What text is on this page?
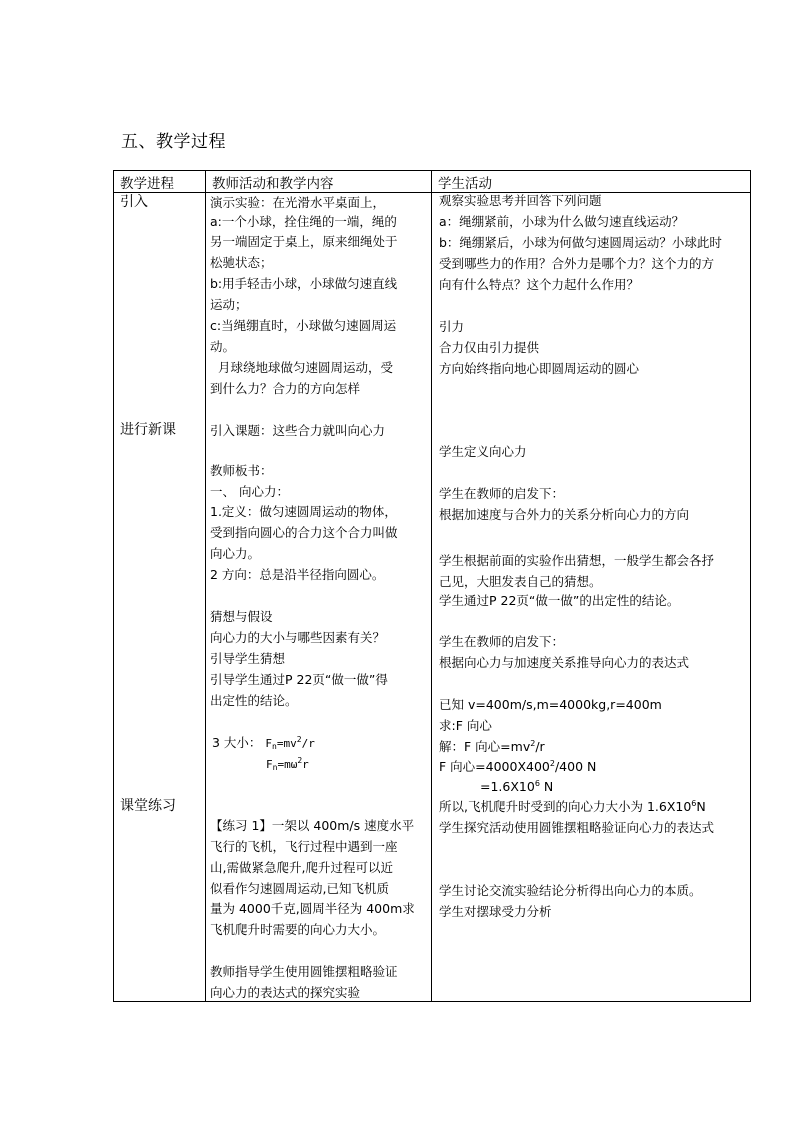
五、教学过程
教学进程	教师活动和教学内容	学生活动
引入
进行新课
课堂练习
演示实验：在光滑水平桌面上，
a:一个小球，拴住绳的一端，绳的
另一端固定于桌上，原来细绳处于
松驰状态；
b:用手轻击小球，小球做匀速直线
运动；
c:当绳绷直时，小球做匀速圆周运
动。
月球绕地球做匀速圆周运动，受
到什么力？合力的方向怎样
引入课题：这些合力就叫向心力
教师板书：
一、 向心力：
1.定义：做匀速圆周运动的物体，
受到指向圆心的合力这个合力叫做
向心力。
2 方向：总是沿半径指向圆心。
猜想与假设
向心力的大小与哪些因素有关？
引导学生猜想
引导学生通过P 22页“做一做”得
出定性的结论。
3 大小： $F_n=mv^2/r$
$F_n=m\omega^2r$
【练习 1】一架以 400m/s 速度水平
飞行的飞机，飞行过程中遇到一座
山,需做紧急爬升,爬升过程可以近
似看作匀速圆周运动,已知飞机质
量为 4000千克,圆周半径为 400m求
飞机爬升时需要的向心力大小。
教师指导学生使用圆锥摆粗略验证
向心力的表达式的探究实验
观察实验思考并回答下列问题
a：绳绷紧前，小球为什么做匀速直线运动？
b：绳绷紧后，小球为何做匀速圆周运动？小球此时
受到哪些力的作用？合外力是哪个力？这个力的方
向有什么特点？这个力起什么作用？
引力
合力仅由引力提供
方向始终指向地心即圆周运动的圆心
学生定义向心力
学生在教师的启发下：
根据加速度与合外力的关系分析向心力的方向
学生根据前面的实验作出猜想，一般学生都会各抒
己见，大胆发表自己的猜想。
学生通过P 22页“做一做”的出定性的结论。
学生在教师的启发下：
根据向心力与加速度关系推导向心力的表达式
已知 v=400m/s,m=4000kg,r=400m
求:F 向心
解：F 向心$=mv^2/r$
F 向心$=4000X400^2/400$ N
$=1.6X10^6$ N
所以,飞机爬升时受到的向心力大小为 $1.6X10^6N$
学生探究活动使用圆锥摆粗略验证向心力的表达式
学生讨论交流实验结论分析得出向心力的本质。
学生对摆球受力分析
